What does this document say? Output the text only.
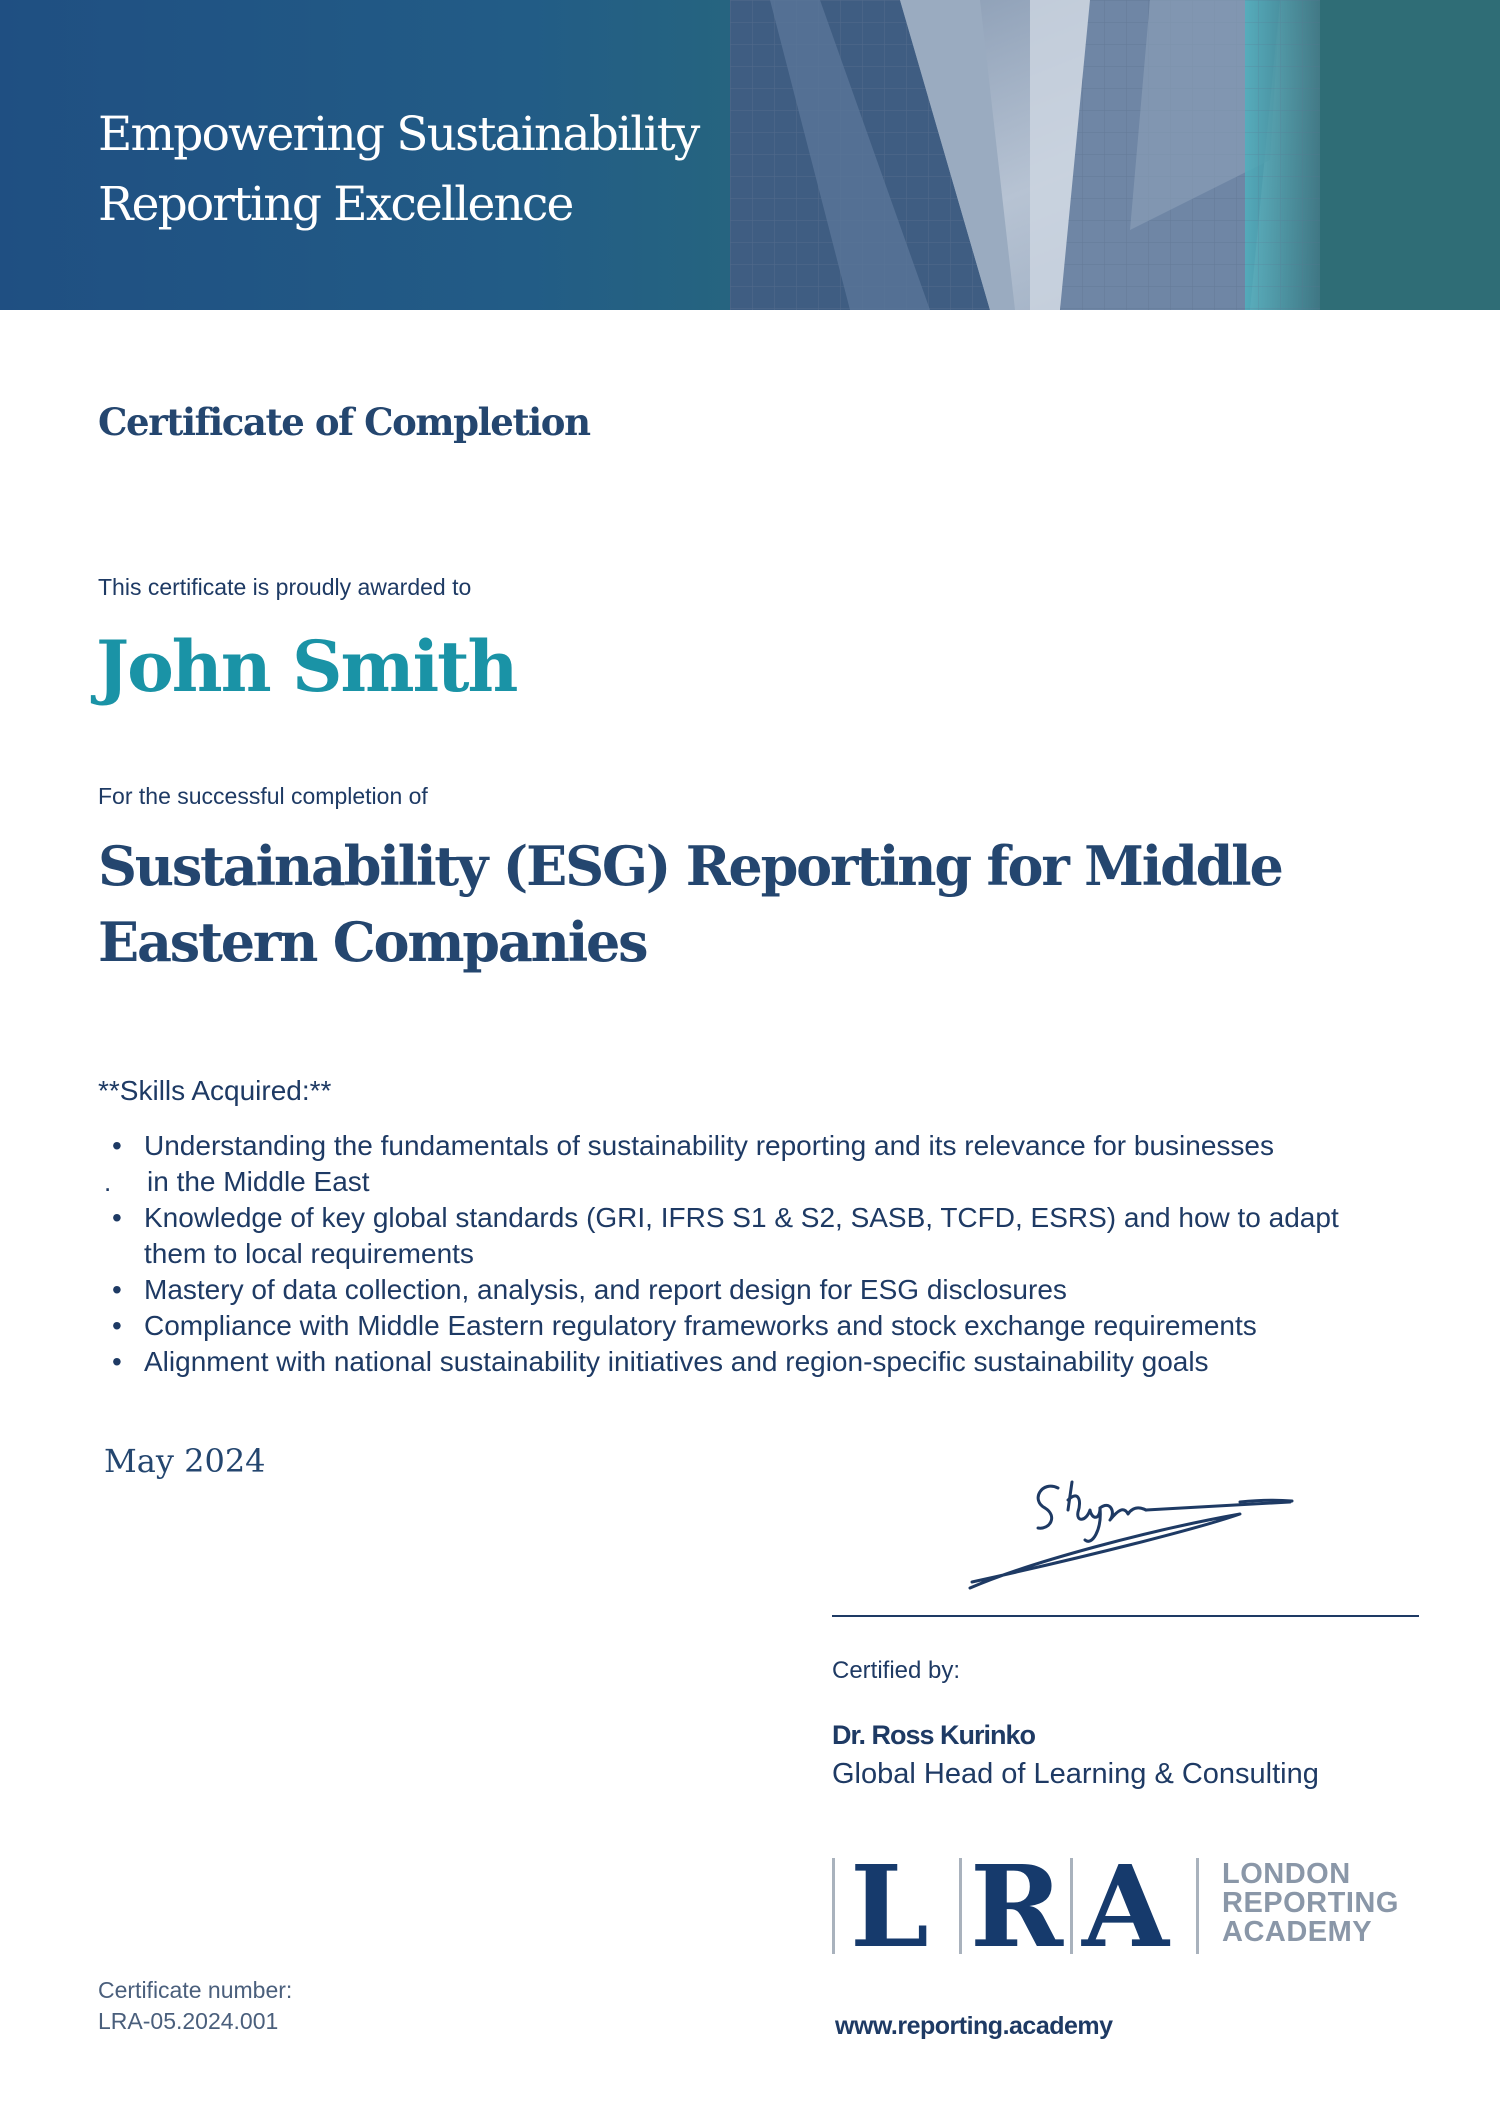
Empowering Sustainability
Reporting Excellence
Certificate of Completion
This certificate is proudly awarded to
John Smith
For the successful completion of
Sustainability (ESG) Reporting for Middle Eastern Companies
**Skills Acquired:**
• Understanding the fundamentals of sustainability reporting and its relevance for businesses
. in the Middle East
• Knowledge of key global standards (GRI, IFRS S1 & S2, SASB, TCFD, ESRS) and how to adapt
them to local requirements
• Mastery of data collection, analysis, and report design for ESG disclosures
• Compliance with Middle Eastern regulatory frameworks and stock exchange requirements
• Alignment with national sustainability initiatives and region-specific sustainability goals
May 2024
Certified by:
Dr. Ross Kurinko
Global Head of Learning & Consulting
L R A LONDON
REPORTING
ACADEMY
www.reporting.academy
Certificate number:
LRA-05.2024.001
